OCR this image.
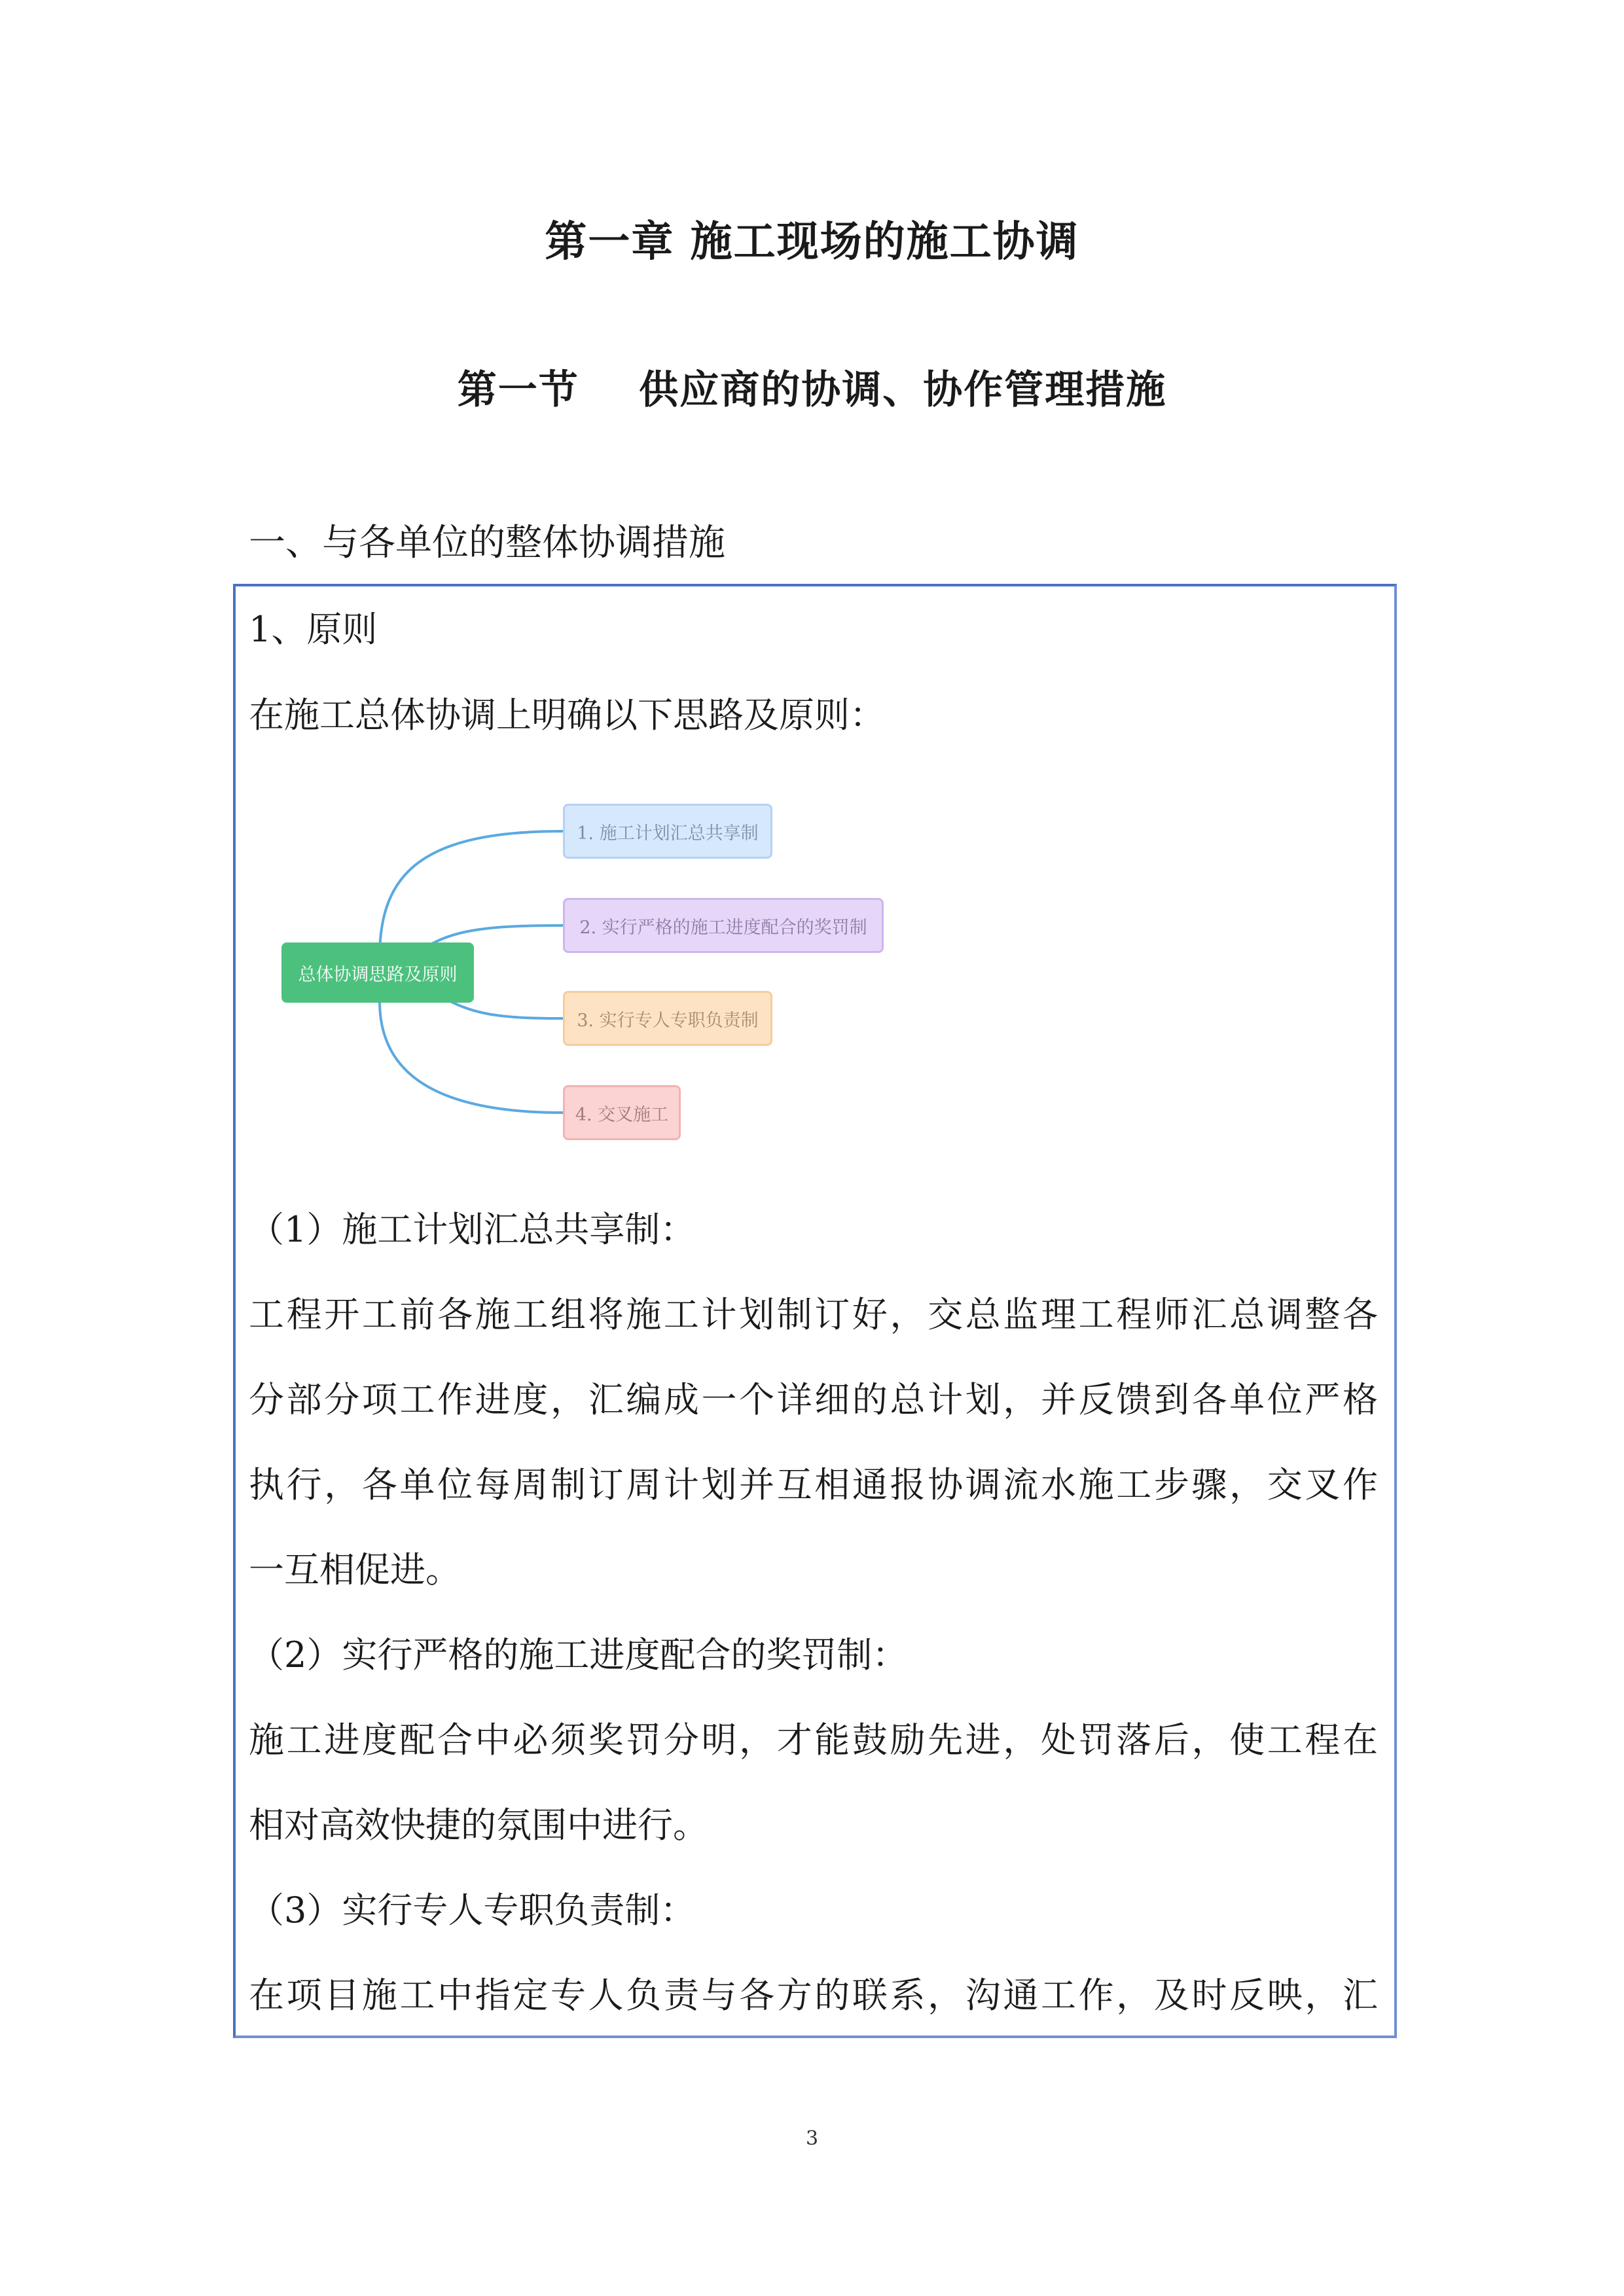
第一章 施工现场的施工协调
第一节    供应商的协调、协作管理措施
一、与各单位的整体协调措施
1、原则
在施工总体协调上明确以下思路及原则：
总体协调思路及原则
1. 施工计划汇总共享制
2. 实行严格的施工进度配合的奖罚制
3. 实行专人专职负责制
4. 交叉施工
（1）施工计划汇总共享制：
工程开工前各施工组将施工计划制订好，交总监理工程师汇总调整各
分部分项工作进度，汇编成一个详细的总计划，并反馈到各单位严格
执行，各单位每周制订周计划并互相通报协调流水施工步骤，交叉作
一互相促进。
（2）实行严格的施工进度配合的奖罚制：
施工进度配合中必须奖罚分明，才能鼓励先进，处罚落后，使工程在
相对高效快捷的氛围中进行。
（3）实行专人专职负责制：
在项目施工中指定专人负责与各方的联系，沟通工作，及时反映，汇
3
